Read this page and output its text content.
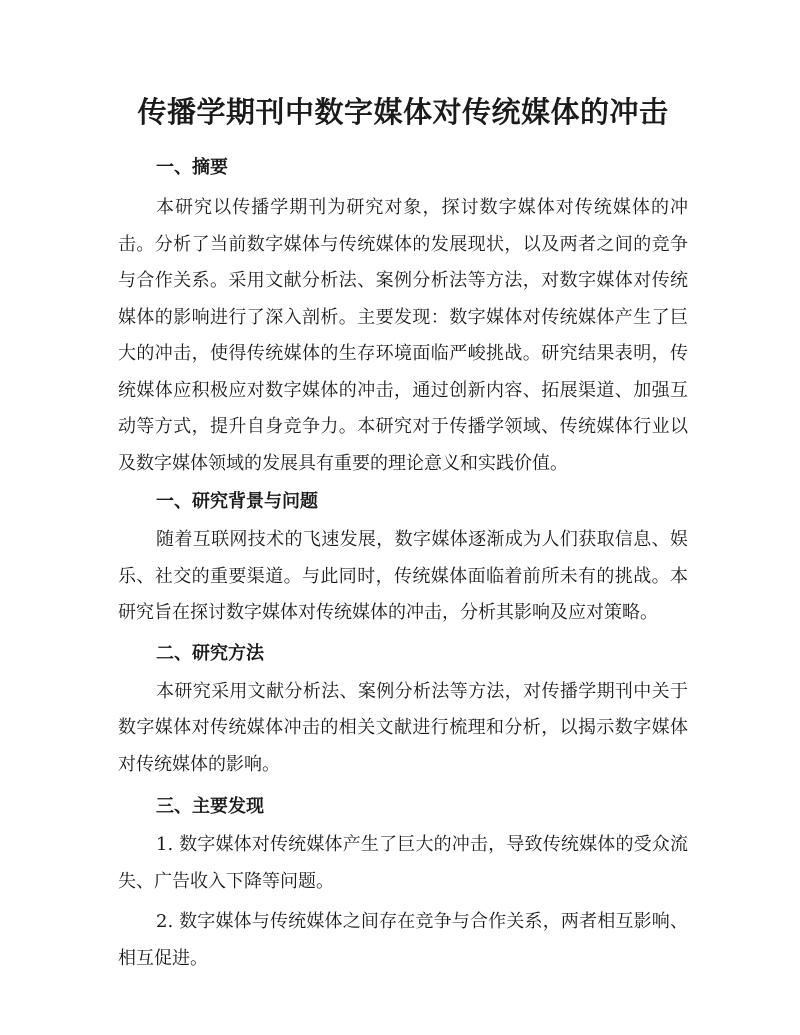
传播学期刊中数字媒体对传统媒体的冲击
一、摘要

本研究以传播学期刊为研究对象，探讨数字媒体对传统媒体的冲击。分析了当前数字媒体与传统媒体的发展现状，以及两者之间的竞争与合作关系。采用文献分析法、案例分析法等方法，对数字媒体对传统媒体的影响进行了深入剖析。主要发现：数字媒体对传统媒体产生了巨大的冲击，使得传统媒体的生存环境面临严峻挑战。研究结果表明，传统媒体应积极应对数字媒体的冲击，通过创新内容、拓展渠道、加强互动等方式，提升自身竞争力。本研究对于传播学领域、传统媒体行业以及数字媒体领域的发展具有重要的理论意义和实践价值。

一、研究背景与问题

随着互联网技术的飞速发展，数字媒体逐渐成为人们获取信息、娱乐、社交的重要渠道。与此同时，传统媒体面临着前所未有的挑战。本研究旨在探讨数字媒体对传统媒体的冲击，分析其影响及应对策略。

二、研究方法

本研究采用文献分析法、案例分析法等方法，对传播学期刊中关于数字媒体对传统媒体冲击的相关文献进行梳理和分析，以揭示数字媒体对传统媒体的影响。

三、主要发现

1. 数字媒体对传统媒体产生了巨大的冲击，导致传统媒体的受众流失、广告收入下降等问题。

2. 数字媒体与传统媒体之间存在竞争与合作关系，两者相互影响、相互促进。
